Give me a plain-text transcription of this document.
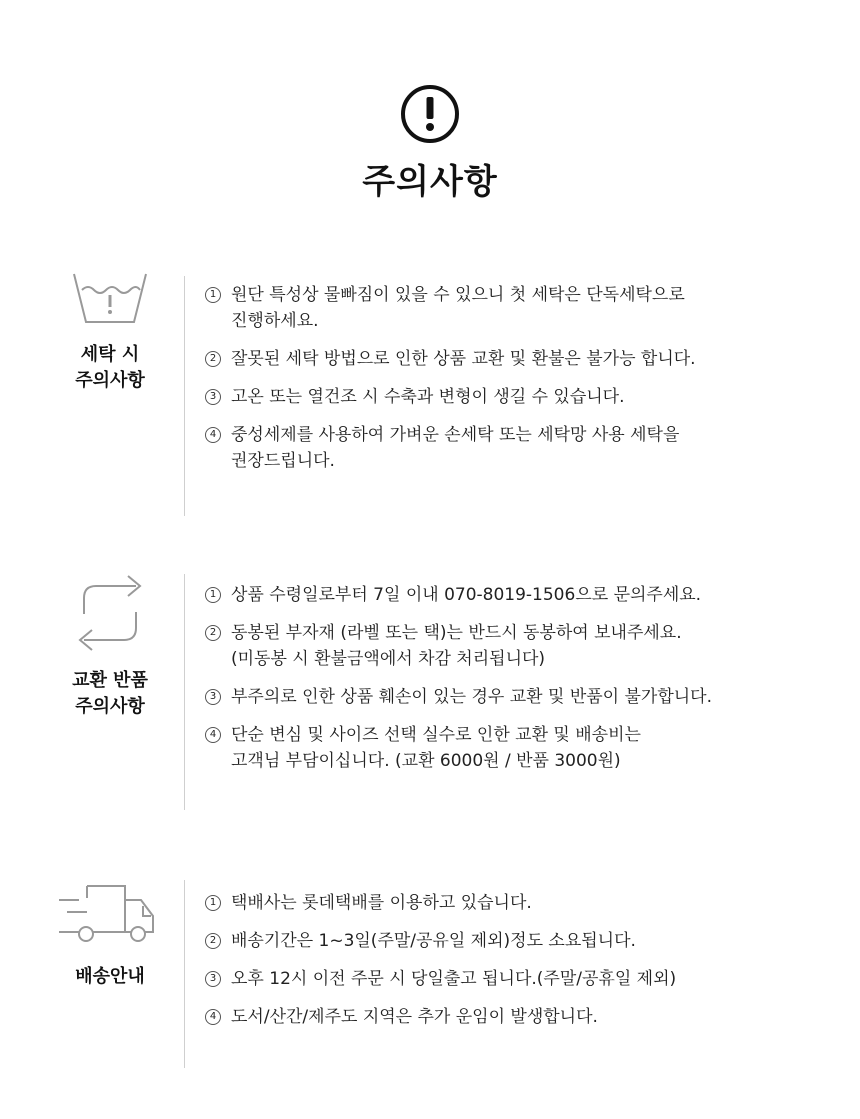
주의사항
세탁 시
주의사항
1 원단 특성상 물빠짐이 있을 수 있으니 첫 세탁은 단독세탁으로
진행하세요.
2 잘못된 세탁 방법으로 인한 상품 교환 및 환불은 불가능 합니다.
3 고온 또는 열건조 시 수축과 변형이 생길 수 있습니다.
4 중성세제를 사용하여 가벼운 손세탁 또는 세탁망 사용 세탁을
권장드립니다.
교환 반품
주의사항
1 상품 수령일로부터 7일 이내 070-8019-1506으로 문의주세요.
2 동봉된 부자재 (라벨 또는 택)는 반드시 동봉하여 보내주세요.
(미동봉 시 환불금액에서 차감 처리됩니다)
3 부주의로 인한 상품 훼손이 있는 경우 교환 및 반품이 불가합니다.
4 단순 변심 및 사이즈 선택 실수로 인한 교환 및 배송비는
고객님 부담이십니다. (교환 6000원 / 반품 3000원)
배송안내
1 택배사는 롯데택배를 이용하고 있습니다.
2 배송기간은 1~3일(주말/공유일 제외)정도 소요됩니다.
3 오후 12시 이전 주문 시 당일출고 됩니다.(주말/공휴일 제외)
4 도서/산간/제주도 지역은 추가 운임이 발생합니다.
